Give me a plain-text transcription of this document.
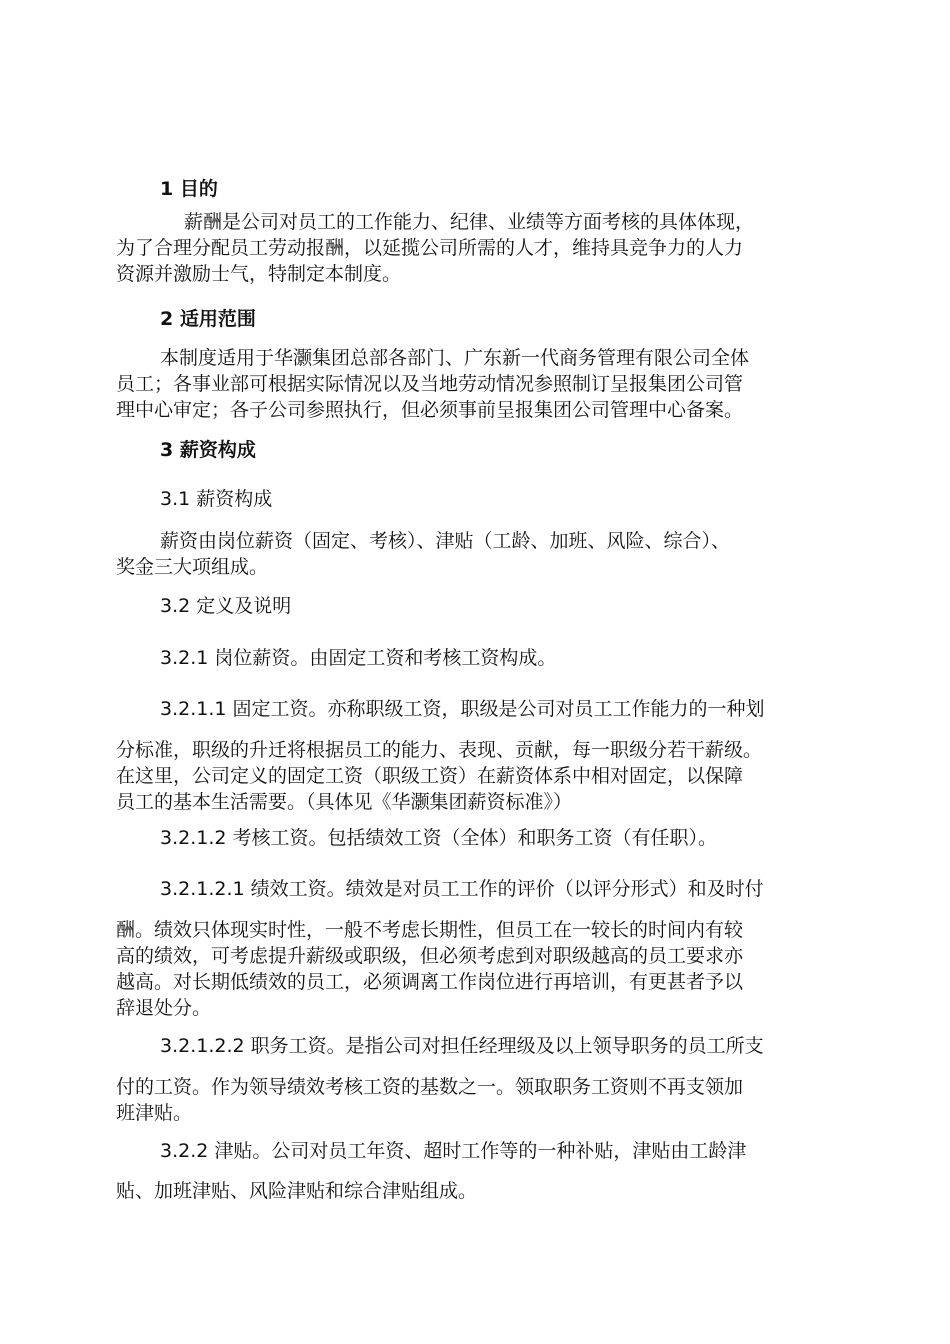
1 目的
薪酬是公司对员工的工作能力、纪律、业绩等方面考核的具体体现，
为了合理分配员工劳动报酬，以延揽公司所需的人才，维持具竞争力的人力
资源并激励士气，特制定本制度。
2 适用范围
本制度适用于华灏集团总部各部门、广东新一代商务管理有限公司全体
员工；各事业部可根据实际情况以及当地劳动情况参照制订呈报集团公司管
理中心审定；各子公司参照执行，但必须事前呈报集团公司管理中心备案。
3 薪资构成
3.1 薪资构成
薪资由岗位薪资（固定、考核）、津贴（工龄、加班、风险、综合）、
奖金三大项组成。
3.2 定义及说明
3.2.1 岗位薪资。由固定工资和考核工资构成。
3.2.1.1 固定工资。亦称职级工资，职级是公司对员工工作能力的一种划
分标准，职级的升迁将根据员工的能力、表现、贡献，每一职级分若干薪级。
在这里，公司定义的固定工资（职级工资）在薪资体系中相对固定，以保障
员工的基本生活需要。（具体见《华灏集团薪资标准》）
3.2.1.2 考核工资。包括绩效工资（全体）和职务工资（有任职）。
3.2.1.2.1 绩效工资。绩效是对员工工作的评价（以评分形式）和及时付
酬。绩效只体现实时性，一般不考虑长期性，但员工在一较长的时间内有较
高的绩效，可考虑提升薪级或职级，但必须考虑到对职级越高的员工要求亦
越高。对长期低绩效的员工，必须调离工作岗位进行再培训，有更甚者予以
辞退处分。
3.2.1.2.2 职务工资。是指公司对担任经理级及以上领导职务的员工所支
付的工资。作为领导绩效考核工资的基数之一。领取职务工资则不再支领加
班津贴。
3.2.2 津贴。公司对员工年资、超时工作等的一种补贴，津贴由工龄津
贴、加班津贴、风险津贴和综合津贴组成。
